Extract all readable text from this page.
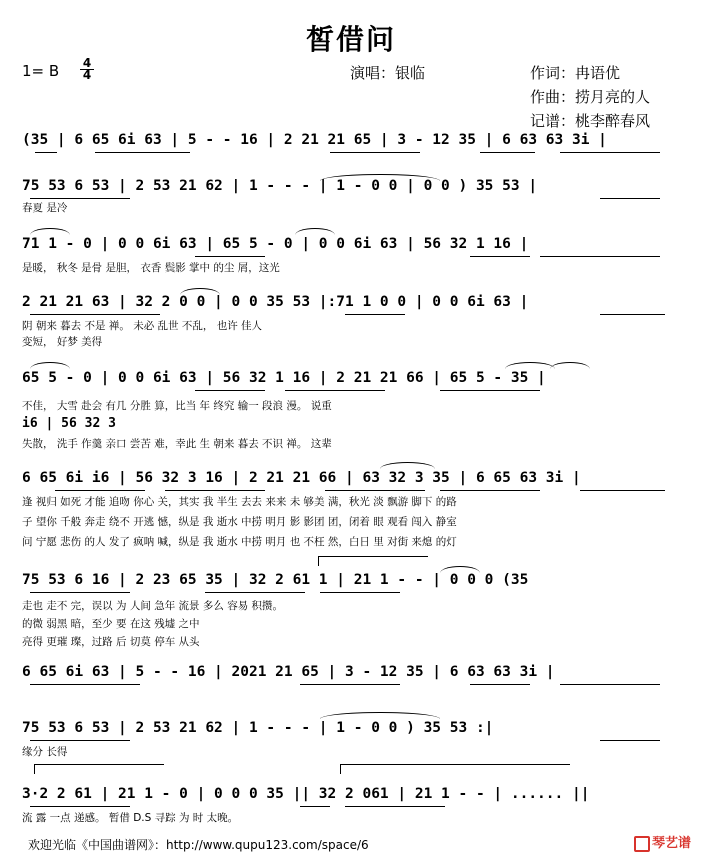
皙借问
1= B 4
4	演唱：银临	作词：冉语优
作曲：捞月亮的人
记谱：桃李醉春风
(35 | 6 65 6i 63 | 5 - - 16 | 2 21 21 65 | 3 - 12 35 | 6 63 63 3i |
75 53 6 53 | 2 53 21 62 | 1 - - - | 1 - 0 0 | 0 0 ) 35 53 |
春夏 是冷
71 1 - 0 | 0 0 6i 63 | 65 5 - 0 | 0 0 6i 63 | 56 32 1 16 |
是暖， 秋冬 是骨 是胆， 衣香 鬓影 掌中 的尘 屑，这光
2 21 21 63 | 32 2 0 0 | 0 0 35 53 |:71 1 0 0 | 0 0 6i 63 |
阴 朝来 暮去 不是 禅。 未必 乱世 不乱， 也许 佳人
变短， 好梦 美得
65 5 - 0 | 0 0 6i 63 | 56 32 1 16 | 2 21 21 66 | 65 5 - 35 |
不佳， 大雪 赴会 有几 分胜 算，比当 年 终究 输一 段浪 漫。 说重
i6 | 56 32 3
失散， 洗手 作羹 亲口 尝苦 难，幸此 生 朝来 暮去 不识 禅。 这辈
6 65 6i i6 | 56 32 3 16 | 2 21 21 66 | 63 32 3 35 | 6 65 63 3i |
逢 视归 如死 才能 追吻 你心 关，其实 我 半生 去去 来来 未 够美 满，秋光 淡 飘游 脚下 的路
子 望你 千般 奔走 绕不 开逃 憾，纵是 我 逝水 中捞 明月 影 影团 团，闭着 眼 观看 闯入 静室
问 宁愿 悲伤 的人 发了 疯呐 喊，纵是 我 逝水 中捞 明月 也 不枉 然，白日 里 对街 来熄 的灯
75 53 6 16 | 2 23 65 35 | 32 2 61 1 | 21 1 - - | 0 0 0 (35
走也 走不 完，误以 为 人间 急年 流景 多么 容易 积攒。
的微 弱黑 暗，至少 要 在这 残墟 之中
亮得 更璀 璨，过路 后 切莫 停车 从头
6 65 6i 63 | 5 - - 16 | 2021 21 65 | 3 - 12 35 | 6 63 63 3i |
75 53 6 53 | 2 53 21 62 | 1 - - - | 1 - 0 0 ) 35 53 :|
缘分 长得
3·2 2 61 | 21 1 - 0 | 0 0 0 35 || 32 2 061 | 21 1 - - | ...... ||
流 露 一点 递感。 暂借 D.S 寻踪 为 时 太晚。
欢迎光临《中国曲谱网》：http://www.qupu123.com/space/6	琴艺谱
